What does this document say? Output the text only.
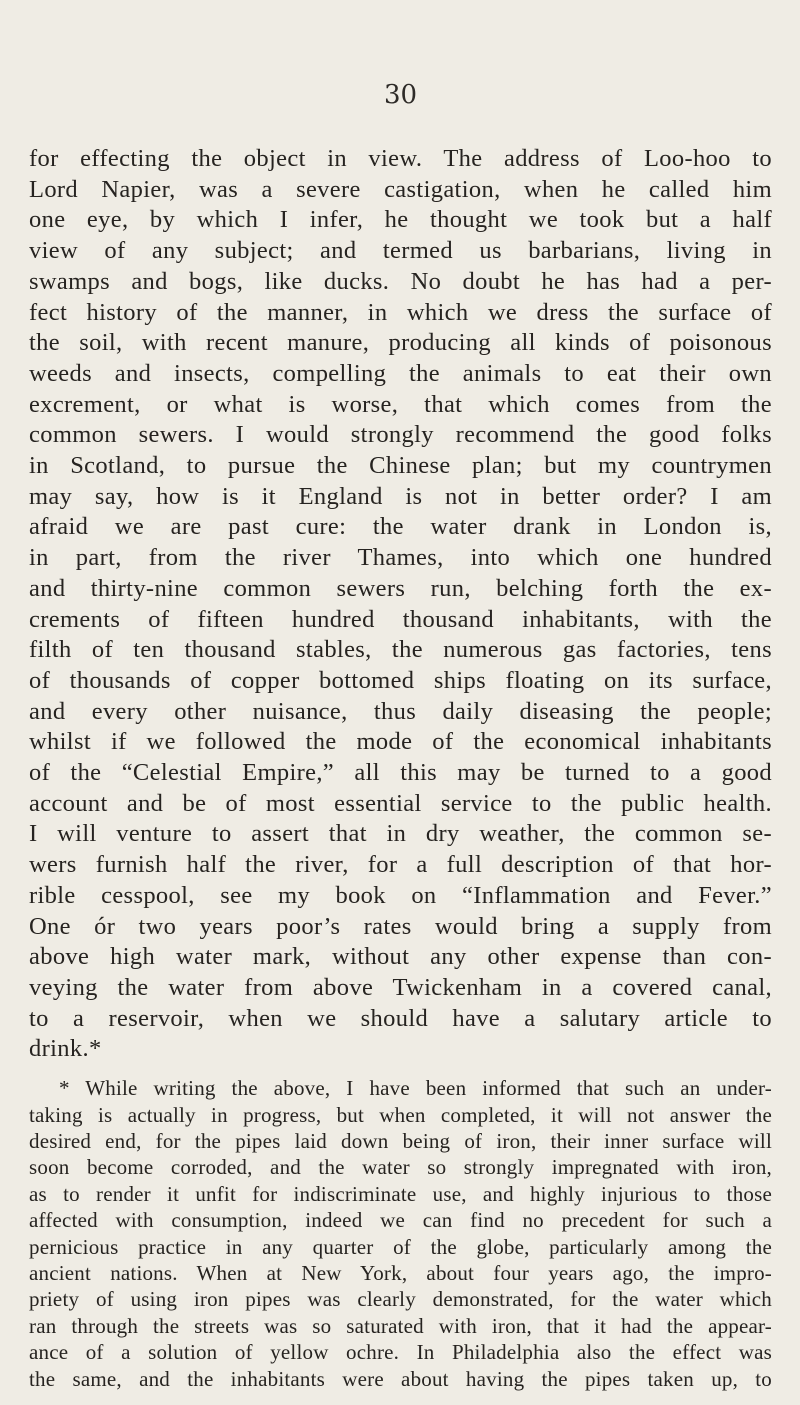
30
for effecting the object in view. The address of Loo-hoo to
Lord Napier, was a severe castigation, when he called him
one eye, by which I infer, he thought we took but a half
view of any subject; and termed us barbarians, living in
swamps and bogs, like ducks. No doubt he has had a per-
fect history of the manner, in which we dress the surface of
the soil, with recent manure, producing all kinds of poisonous
weeds and insects, compelling the animals to eat their own
excrement, or what is worse, that which comes from the
common sewers. I would strongly recommend the good folks
in Scotland, to pursue the Chinese plan; but my countrymen
may say, how is it England is not in better order? I am
afraid we are past cure: the water drank in London is,
in part, from the river Thames, into which one hundred
and thirty-nine common sewers run, belching forth the ex-
crements of fifteen hundred thousand inhabitants, with the
filth of ten thousand stables, the numerous gas factories, tens
of thousands of copper bottomed ships floating on its surface,
and every other nuisance, thus daily diseasing the people;
whilst if we followed the mode of the economical inhabitants
of the “Celestial Empire,” all this may be turned to a good
account and be of most essential service to the public health.
I will venture to assert that in dry weather, the common se-
wers furnish half the river, for a full description of that hor-
rible cesspool, see my book on “Inflammation and Fever.”
One ór two years poor’s rates would bring a supply from
above high water mark, without any other expense than con-
veying the water from above Twickenham in a covered canal,
to a reservoir, when we should have a salutary article to
drink.*
* While writing the above, I have been informed that such an under-
taking is actually in progress, but when completed, it will not answer the
desired end, for the pipes laid down being of iron, their inner surface will
soon become corroded, and the water so strongly impregnated with iron,
as to render it unfit for indiscriminate use, and highly injurious to those
affected with consumption, indeed we can find no precedent for such a
pernicious practice in any quarter of the globe, particularly among the
ancient nations. When at New York, about four years ago, the impro-
priety of using iron pipes was clearly demonstrated, for the water which
ran through the streets was so saturated with iron, that it had the appear-
ance of a solution of yellow ochre. In Philadelphia also the effect was
the same, and the inhabitants were about having the pipes taken up, to
